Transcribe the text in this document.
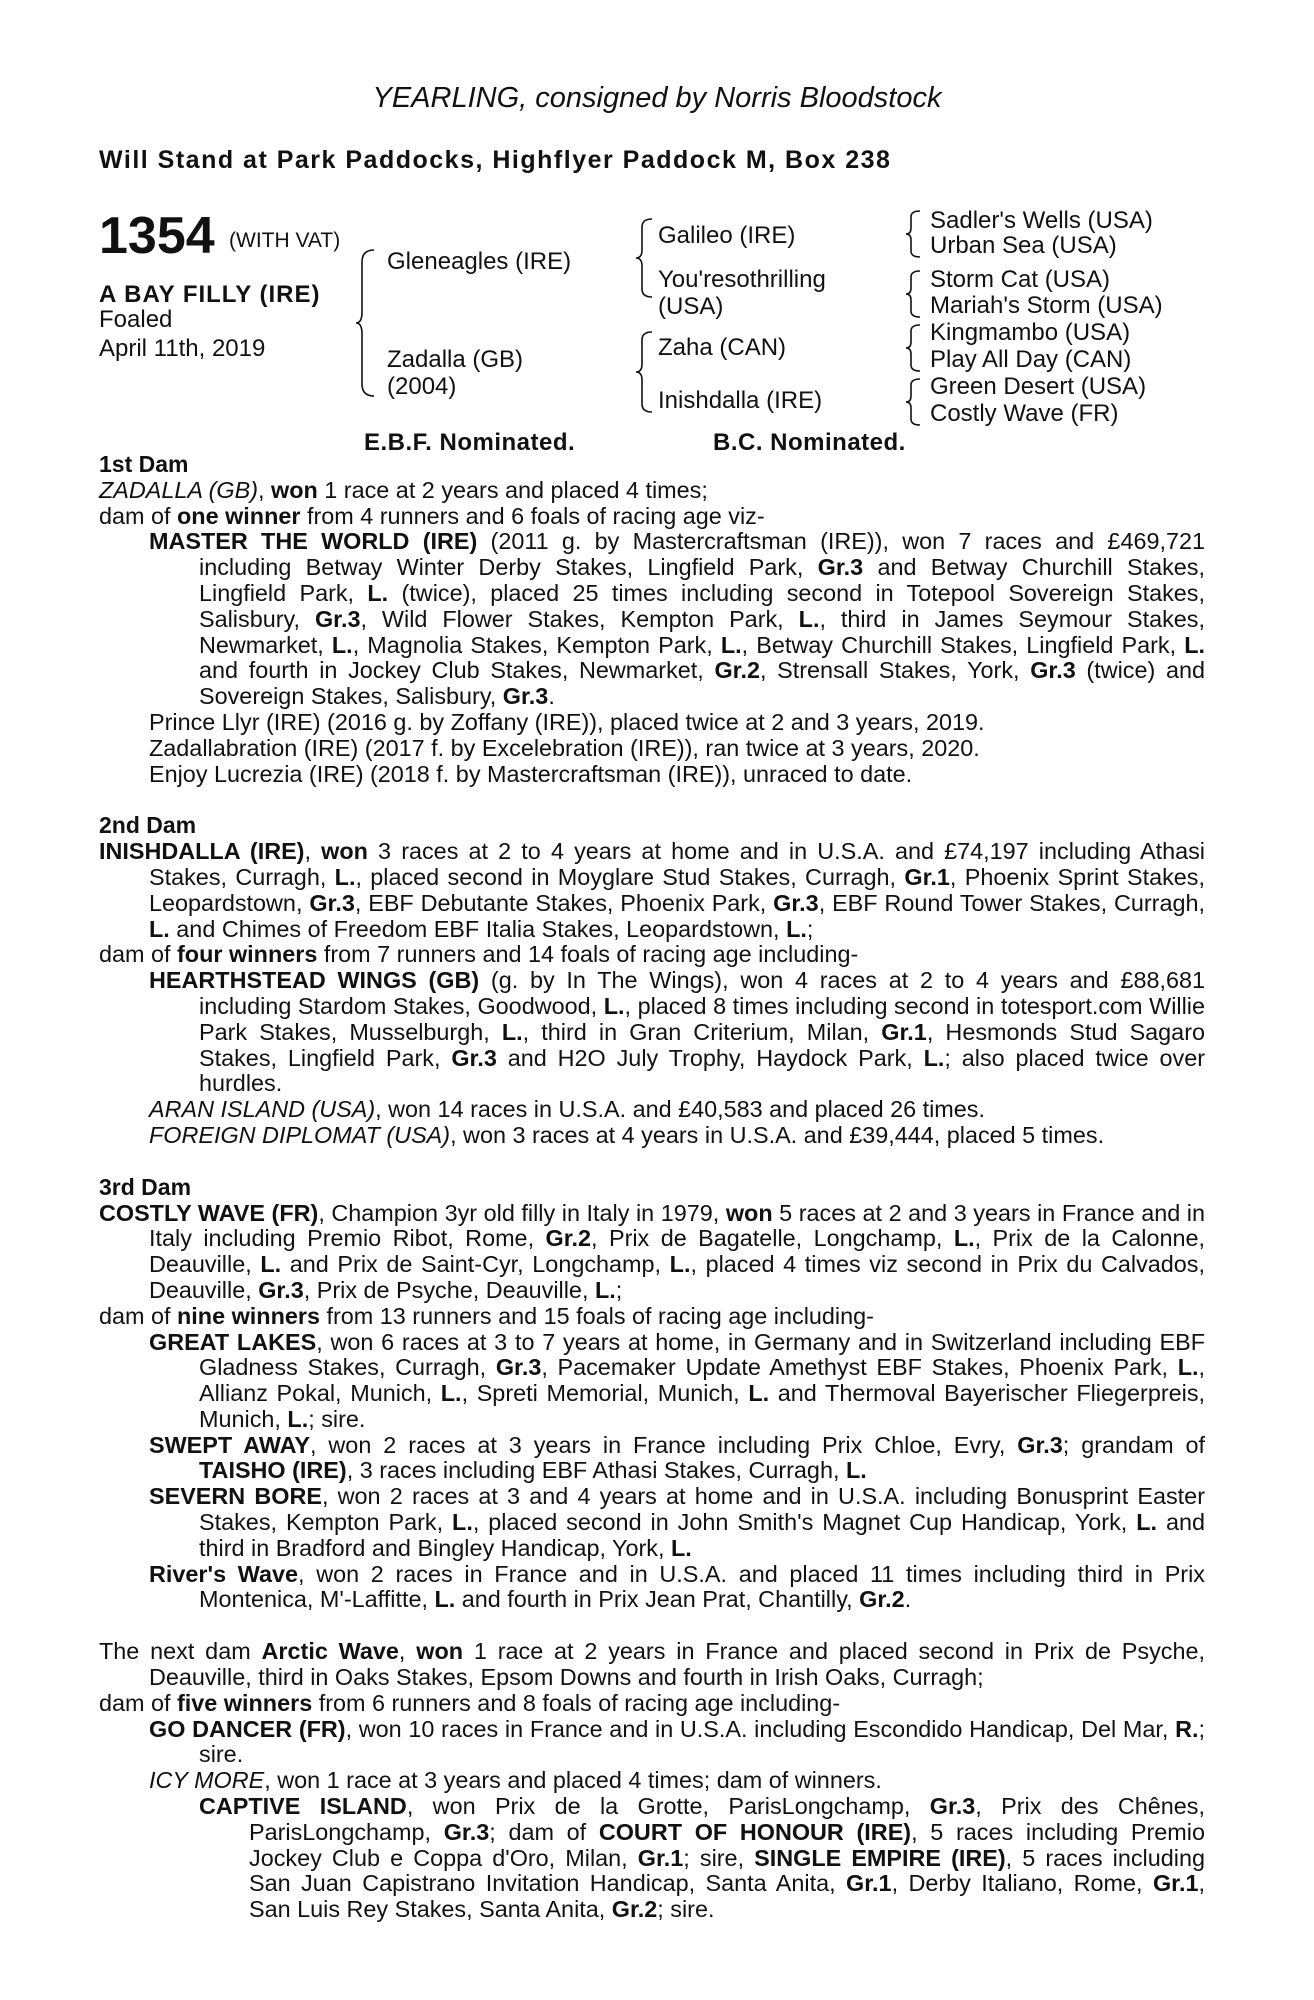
YEARLING, consigned by Norris Bloodstock
Will Stand at Park Paddocks, Highflyer Paddock M, Box 238
1354 (WITH VAT)
A BAY FILLY (IRE)
Foaled
April 11th, 2019
Gleneagles (IRE)
Zadalla (GB)
(2004)
Galileo (IRE)
You'resothrilling
(USA)
Zaha (CAN)
Inishdalla (IRE)
Sadler's Wells (USA)
Urban Sea (USA)
Storm Cat (USA)
Mariah's Storm (USA)
Kingmambo (USA)
Play All Day (CAN)
Green Desert (USA)
Costly Wave (FR)
E.B.F. Nominated.	B.C. Nominated.
1st Dam
ZADALLA (GB), won 1 race at 2 years and placed 4 times;
dam of one winner from 4 runners and 6 foals of racing age viz-
MASTER THE WORLD (IRE) (2011 g. by Mastercraftsman (IRE)), won 7 races and £469,721 including Betway Winter Derby Stakes, Lingfield Park, Gr.3 and Betway Churchill Stakes, Lingfield Park, L. (twice), placed 25 times including second in Totepool Sovereign Stakes, Salisbury, Gr.3, Wild Flower Stakes, Kempton Park, L., third in James Seymour Stakes, Newmarket, L., Magnolia Stakes, Kempton Park, L., Betway Churchill Stakes, Lingfield Park, L. and fourth in Jockey Club Stakes, Newmarket, Gr.2, Strensall Stakes, York, Gr.3 (twice) and Sovereign Stakes, Salisbury, Gr.3.
Prince Llyr (IRE) (2016 g. by Zoffany (IRE)), placed twice at 2 and 3 years, 2019.
Zadallabration (IRE) (2017 f. by Excelebration (IRE)), ran twice at 3 years, 2020.
Enjoy Lucrezia (IRE) (2018 f. by Mastercraftsman (IRE)), unraced to date.
2nd Dam
INISHDALLA (IRE), won 3 races at 2 to 4 years at home and in U.S.A. and £74,197 including Athasi Stakes, Curragh, L., placed second in Moyglare Stud Stakes, Curragh, Gr.1, Phoenix Sprint Stakes, Leopardstown, Gr.3, EBF Debutante Stakes, Phoenix Park, Gr.3, EBF Round Tower Stakes, Curragh, L. and Chimes of Freedom EBF Italia Stakes, Leopardstown, L.;
dam of four winners from 7 runners and 14 foals of racing age including-
HEARTHSTEAD WINGS (GB) (g. by In The Wings), won 4 races at 2 to 4 years and £88,681 including Stardom Stakes, Goodwood, L., placed 8 times including second in totesport.com Willie Park Stakes, Musselburgh, L., third in Gran Criterium, Milan, Gr.1, Hesmonds Stud Sagaro Stakes, Lingfield Park, Gr.3 and H2O July Trophy, Haydock Park, L.; also placed twice over hurdles.
ARAN ISLAND (USA), won 14 races in U.S.A. and £40,583 and placed 26 times.
FOREIGN DIPLOMAT (USA), won 3 races at 4 years in U.S.A. and £39,444, placed 5 times.
3rd Dam
COSTLY WAVE (FR), Champion 3yr old filly in Italy in 1979, won 5 races at 2 and 3 years in France and in Italy including Premio Ribot, Rome, Gr.2, Prix de Bagatelle, Longchamp, L., Prix de la Calonne, Deauville, L. and Prix de Saint-Cyr, Longchamp, L., placed 4 times viz second in Prix du Calvados, Deauville, Gr.3, Prix de Psyche, Deauville, L.;
dam of nine winners from 13 runners and 15 foals of racing age including-
GREAT LAKES, won 6 races at 3 to 7 years at home, in Germany and in Switzerland including EBF Gladness Stakes, Curragh, Gr.3, Pacemaker Update Amethyst EBF Stakes, Phoenix Park, L., Allianz Pokal, Munich, L., Spreti Memorial, Munich, L. and Thermoval Bayerischer Fliegerpreis, Munich, L.; sire.
SWEPT AWAY, won 2 races at 3 years in France including Prix Chloe, Evry, Gr.3; grandam of TAISHO (IRE), 3 races including EBF Athasi Stakes, Curragh, L.
SEVERN BORE, won 2 races at 3 and 4 years at home and in U.S.A. including Bonusprint Easter Stakes, Kempton Park, L., placed second in John Smith's Magnet Cup Handicap, York, L. and third in Bradford and Bingley Handicap, York, L.
River's Wave, won 2 races in France and in U.S.A. and placed 11 times including third in Prix Montenica, M'-Laffitte, L. and fourth in Prix Jean Prat, Chantilly, Gr.2.
The next dam Arctic Wave, won 1 race at 2 years in France and placed second in Prix de Psyche, Deauville, third in Oaks Stakes, Epsom Downs and fourth in Irish Oaks, Curragh;
dam of five winners from 6 runners and 8 foals of racing age including-
GO DANCER (FR), won 10 races in France and in U.S.A. including Escondido Handicap, Del Mar, R.; sire.
ICY MORE, won 1 race at 3 years and placed 4 times; dam of winners.
CAPTIVE ISLAND, won Prix de la Grotte, ParisLongchamp, Gr.3, Prix des Chênes, ParisLongchamp, Gr.3; dam of COURT OF HONOUR (IRE), 5 races including Premio Jockey Club e Coppa d'Oro, Milan, Gr.1; sire, SINGLE EMPIRE (IRE), 5 races including San Juan Capistrano Invitation Handicap, Santa Anita, Gr.1, Derby Italiano, Rome, Gr.1, San Luis Rey Stakes, Santa Anita, Gr.2; sire.
